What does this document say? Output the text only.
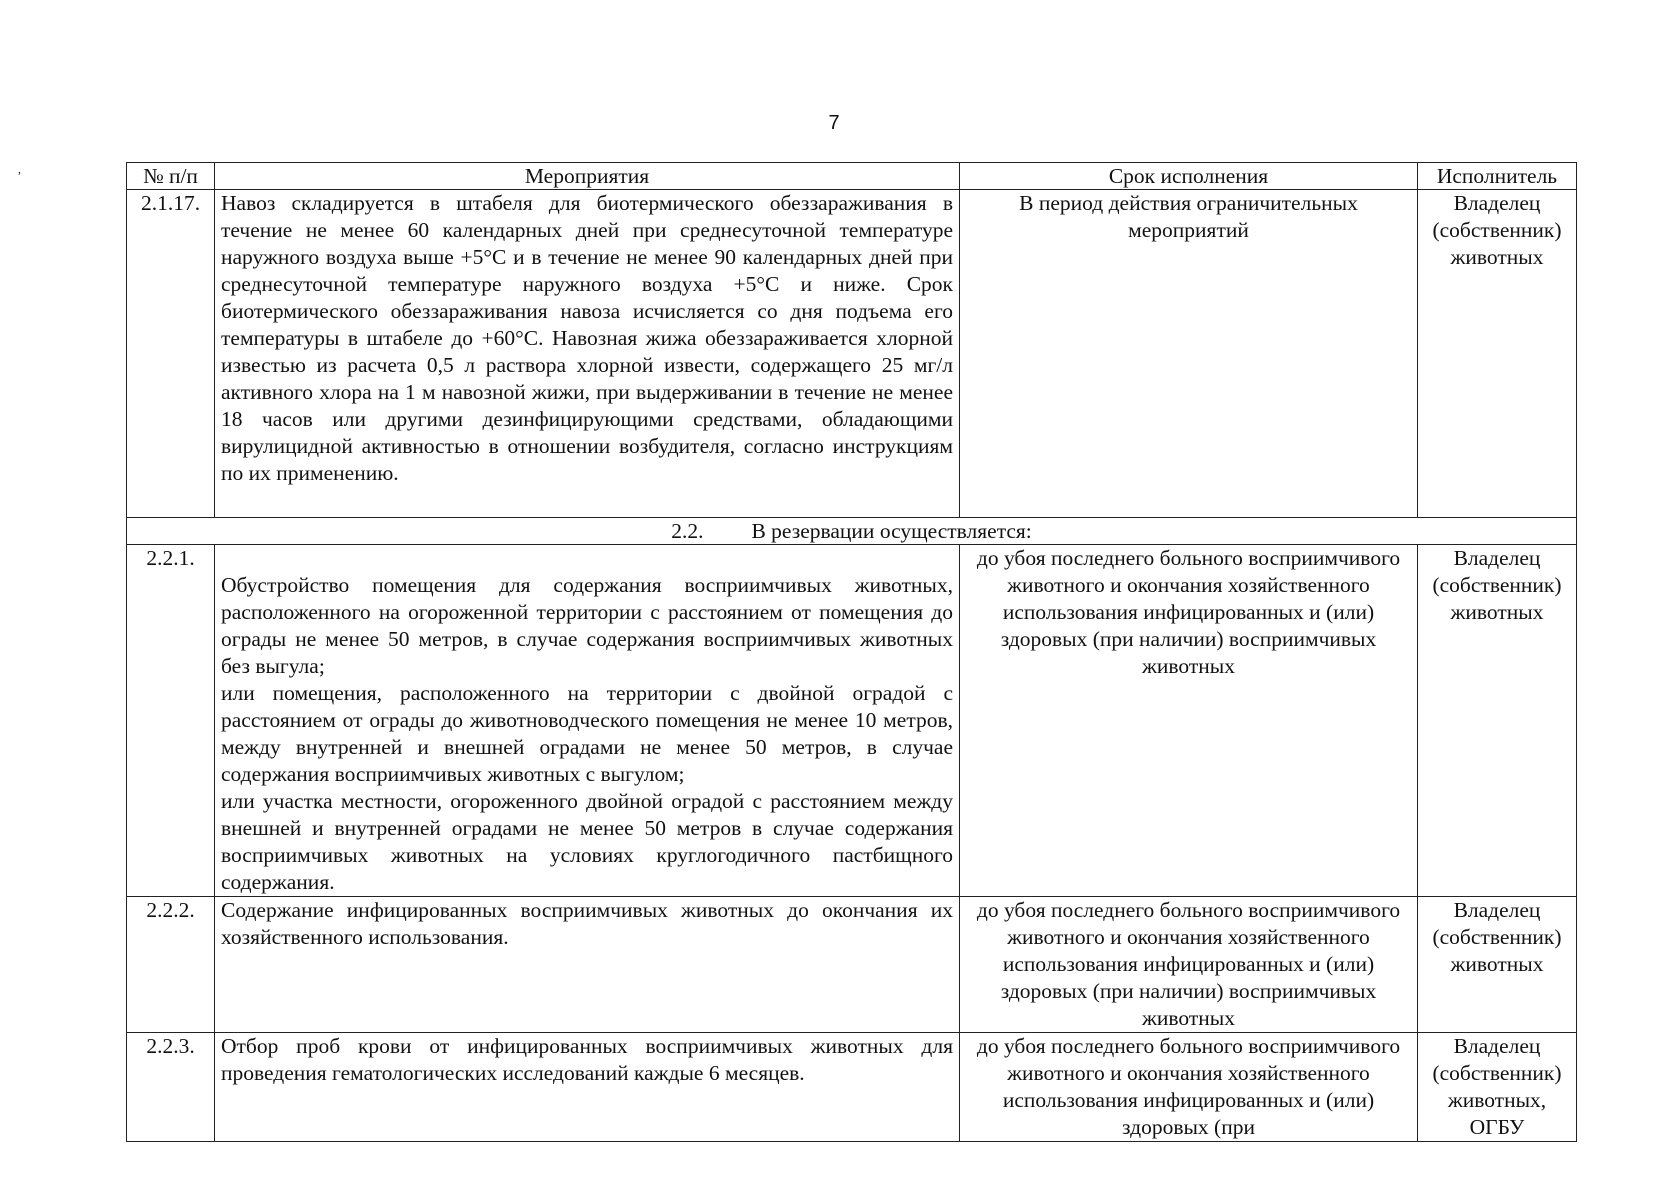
7
,	№ п/п	Мероприятия	Срок исполнения	Исполнитель
2.1.17.	Навоз складируется в штабеля для биотермического обеззараживания в течение не менее 60 календарных дней при среднесуточной температуре наружного воздуха выше +5°С и в течение не менее 90 календарных дней при среднесуточной температуре наружного воздуха +5°С и ниже. Срок биотермического обеззараживания навоза исчисляется со дня подъема его температуры в штабеле до +60°С. Навозная жижа обеззараживается хлорной известью из расчета 0,5 л раствора хлорной извести, содержащего 25 мг/л активного хлора на 1 м навозной жижи, при выдерживании в течение не менее 18 часов или другими дезинфицирующими средствами, обладающими вирулицидной активностью в отношении возбудителя, согласно инструкциям по их применению.	В период действия ограничительных мероприятий	Владелец (собственник) животных
2.2. В резервации осуществляется:			
2.2.1.	Обустройство помещения для содержания восприимчивых животных, расположенного на огороженной территории с расстоянием от помещения до ограды не менее 50 метров, в случае содержания восприимчивых животных без выгула;

или помещения, расположенного на территории с двойной оградой с расстоянием от ограды до животноводческого помещения не менее 10 метров, между внутренней и внешней оградами не менее 50 метров, в случае содержания восприимчивых животных с выгулом;

или участка местности, огороженного двойной оградой с расстоянием между внешней и внутренней оградами не менее 50 метров в случае содержания восприимчивых животных на условиях круглогодичного пастбищного содержания.	до убоя последнего больного восприимчивого животного и окончания хозяйственного использования инфицированных и (или) здоровых (при наличии) восприимчивых животных	Владелец (собственник) животных
2.2.2.	Содержание инфицированных восприимчивых животных до окончания их хозяйственного использования.	до убоя последнего больного восприимчивого животного и окончания хозяйственного использования инфицированных и (или) здоровых (при наличии) восприимчивых животных	Владелец (собственник) животных
2.2.3.	Отбор проб крови от инфицированных восприимчивых животных для проведения гематологических исследований каждые 6 месяцев.	до убоя последнего больного восприимчивого животного и окончания хозяйственного использования инфицированных и (или) здоровых (при	Владелец (собственник) животных, ОГБУ
